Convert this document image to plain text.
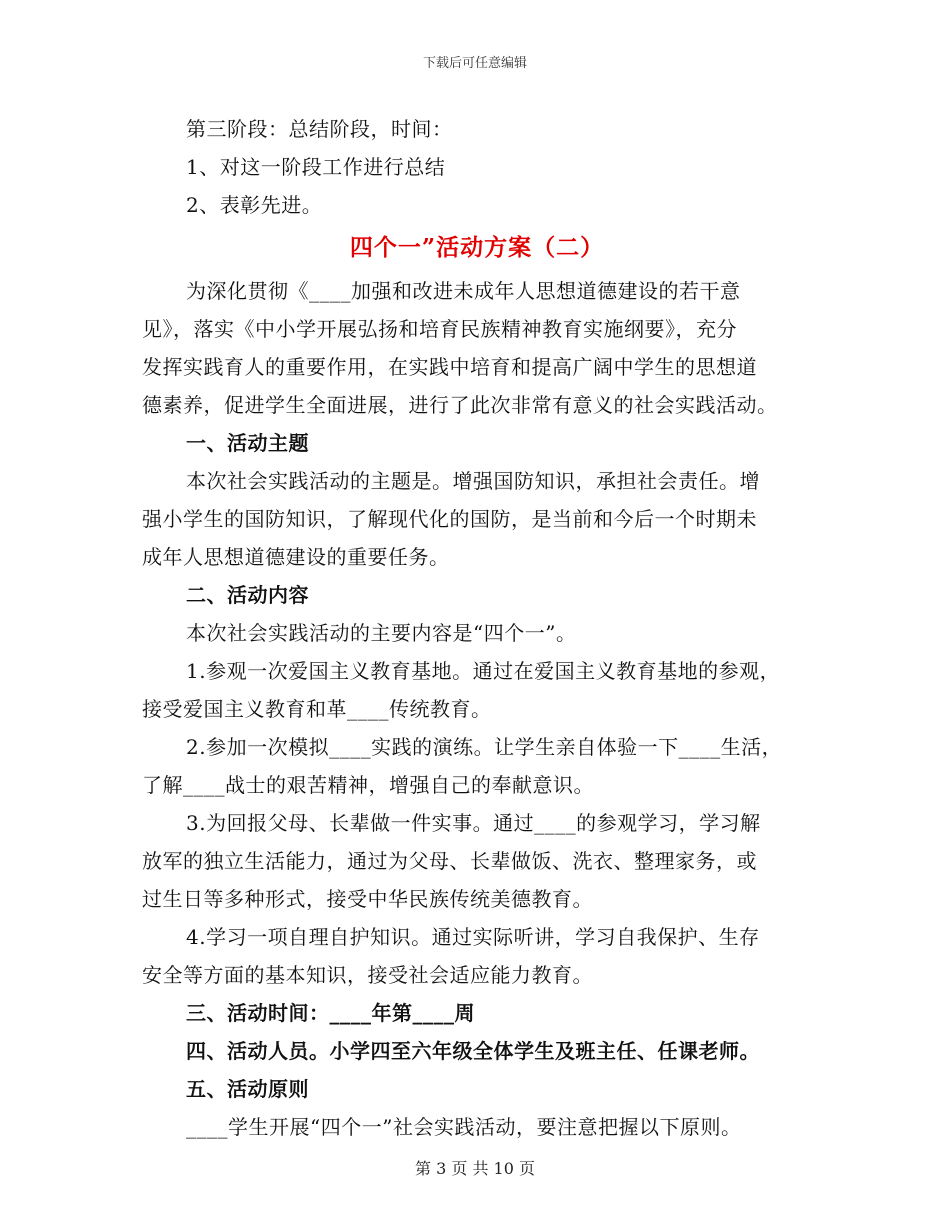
下载后可任意编辑
第三阶段：总结阶段，时间：
1、对这一阶段工作进行总结
2、表彰先进。
四个一”活动方案（二）
为深化贯彻《____加强和改进未成年人思想道德建设的若干意
见》，落实《中小学开展弘扬和培育民族精神教育实施纲要》，充分
发挥实践育人的重要作用，在实践中培育和提高广阔中学生的思想道
德素养，促进学生全面进展，进行了此次非常有意义的社会实践活动。
一、活动主题
本次社会实践活动的主题是。增强国防知识，承担社会责任。增
强小学生的国防知识，了解现代化的国防，是当前和今后一个时期未
成年人思想道德建设的重要任务。
二、活动内容
本次社会实践活动的主要内容是“四个一”。
1.参观一次爱国主义教育基地。通过在爱国主义教育基地的参观，
接受爱国主义教育和革____传统教育。
2.参加一次模拟____实践的演练。让学生亲自体验一下____生活，
了解____战士的艰苦精神，增强自己的奉献意识。
3.为回报父母、长辈做一件实事。通过____的参观学习，学习解
放军的独立生活能力，通过为父母、长辈做饭、洗衣、整理家务，或
过生日等多种形式，接受中华民族传统美德教育。
4.学习一项自理自护知识。通过实际听讲，学习自我保护、生存
安全等方面的基本知识，接受社会适应能力教育。
三、活动时间：____年第____周
四、活动人员。小学四至六年级全体学生及班主任、任课老师。
五、活动原则
____学生开展“四个一”社会实践活动，要注意把握以下原则。
第 3 页 共 10 页
